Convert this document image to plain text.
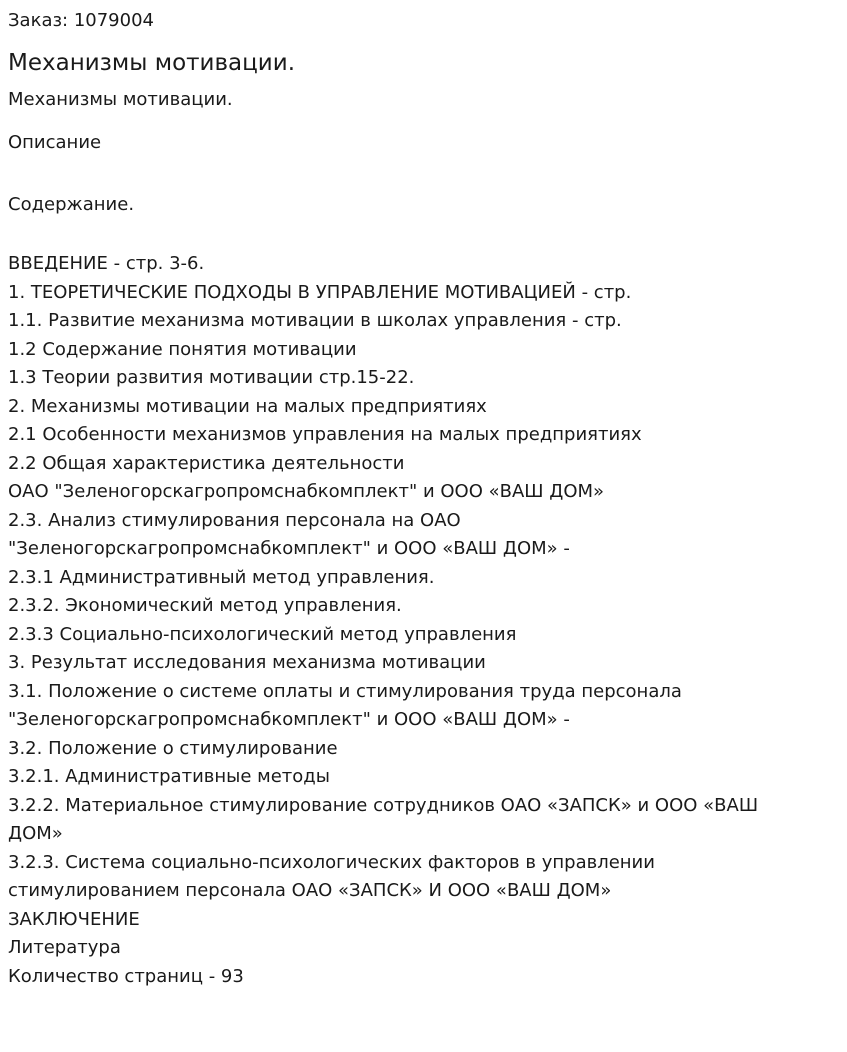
Заказ: 1079004
Механизмы мотивации.
Механизмы мотивации.
Описание
Содержание.
ВВЕДЕНИЕ - стр. 3-6.
1. ТЕОРЕТИЧЕСКИЕ ПОДХОДЫ В УПРАВЛЕНИЕ МОТИВАЦИЕЙ - стр.
1.1. Развитие механизма мотивации в школах управления - стр.
1.2 Содержание понятия мотивации
1.3 Теории развития мотивации стр.15-22.
2. Механизмы мотивации на малых предприятиях
2.1 Особенности механизмов управления на малых предприятиях
2.2 Общая характеристика деятельности
ОАО "Зеленогорскагропромснабкомплект" и ООО «ВАШ ДОМ»
2.3. Анализ стимулирования персонала на ОАО
"Зеленогорскагропромснабкомплект" и ООО «ВАШ ДОМ» -
2.3.1 Административный метод управления.
2.3.2. Экономический метод управления.
2.3.3 Социально-психологический метод управления
3. Результат исследования механизма мотивации
3.1. Положение о системе оплаты и стимулирования труда персонала
"Зеленогорскагропромснабкомплект" и ООО «ВАШ ДОМ» -
3.2. Положение о стимулирование
3.2.1. Административные методы
3.2.2. Материальное стимулирование сотрудников ОАО «ЗАПСК» и ООО «ВАШ
ДОМ»
3.2.3. Система социально-психологических факторов в управлении
стимулированием персонала ОАО «ЗАПСК» И ООО «ВАШ ДОМ»
ЗАКЛЮЧЕНИЕ
Литература
Количество страниц - 93
